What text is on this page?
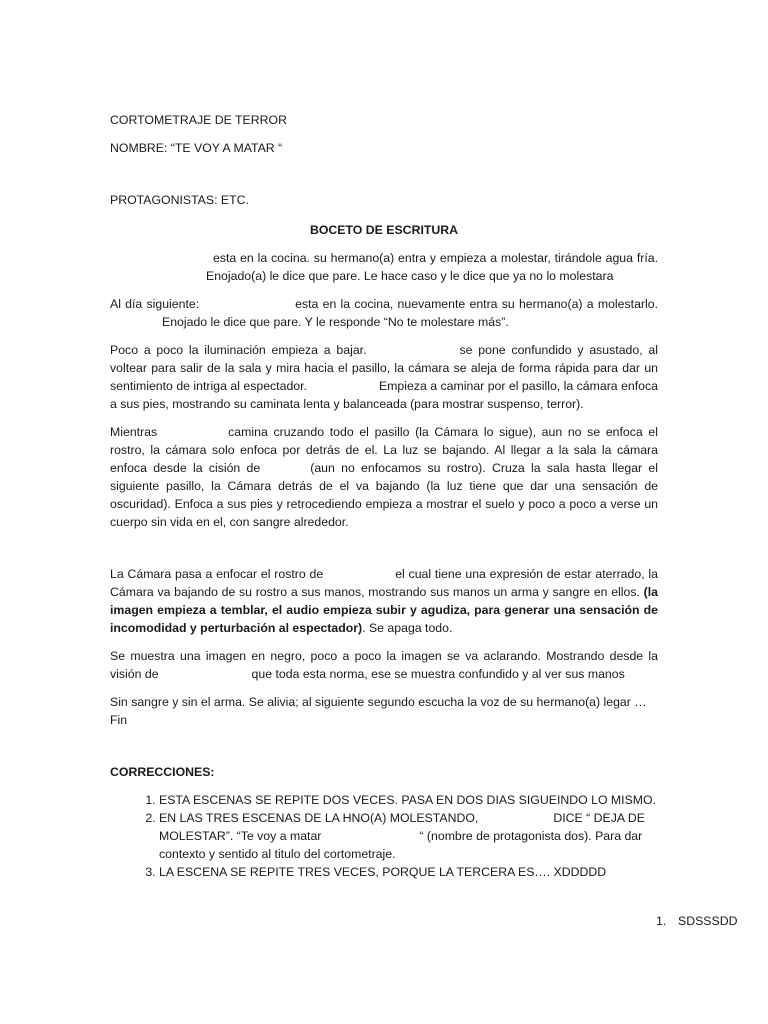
CORTOMETRAJE DE TERROR

NOMBRE: “TE VOY A MATAR “

PROTAGONISTAS: ETC.

BOCETO DE ESCRITURA

esta en la cocina. su hermano(a) entra y empieza a molestar, tirándole agua fría.Enojado(a) le dice que pare. Le hace caso y le dice que ya no lo molestara

Al día siguiente:	esta en la cocina, nuevamente entra su hermano(a) a molestarlo.Enojado le dice que pare. Y le responde “No te molestare más”.

Poco a poco la iluminación empieza a bajar.	se pone confundido y asustado, al voltear para salir de la sala y mira hacia el pasillo, la cámara se aleja de forma rápida para dar un sentimiento de intriga al espectador.	Empieza a caminar por el pasillo, la cámara enfoca a sus pies, mostrando su caminata lenta y balanceada (para mostrar suspenso, terror).

Mientras	camina cruzando todo el pasillo (la Cámara lo sigue), aun no se enfoca el rostro, la cámara solo enfoca por detrás de el. La luz se bajando. Al llegar a la sala la cámara enfoca desde la cisión de	(aun no enfocamos su rostro). Cruza la sala hasta llegar el siguiente pasillo, la Cámara detrás de el va bajando (la luz tiene que dar una sensación de oscuridad). Enfoca a sus pies y retrocediendo empieza a mostrar el suelo y poco a poco a verse un cuerpo sin vida en el, con sangre alrededor.

La Cámara pasa a enfocar el rostro de	el cual tiene una expresión de estar aterrado, la Cámara va bajando de su rostro a sus manos, mostrando sus manos un arma y sangre en ellos. (la imagen empieza a temblar, el audio empieza subir y agudiza, para generar una sensación de incomodidad y perturbación al espectador). Se apaga todo.

Se muestra una imagen en negro, poco a poco la imagen se va aclarando. Mostrando desde la visión de	que toda esta norma, ese se muestra confundido y al ver sus manos

Sin sangre y sin el arma. Se alivia; al siguiente segundo escucha la voz de su hermano(a) legar …
Fin

CORRECCIONES:

1. ESTA ESCENAS SE REPITE DOS VECES. PASA EN DOS DIAS SIGUEINDO LO MISMO.
2. EN LAS TRES ESCENAS DE LA HNO(A) MOLESTANDO,	DICE “ DEJA DE MOLESTAR”. “Te voy a matar	“ (nombre de protagonista dos). Para dar contexto y sentido al titulo del cortometraje.
3. LA ESCENA SE REPITE TRES VECES, PORQUE LA TERCERA ES…. XDDDDD
1. SDSSSDD
